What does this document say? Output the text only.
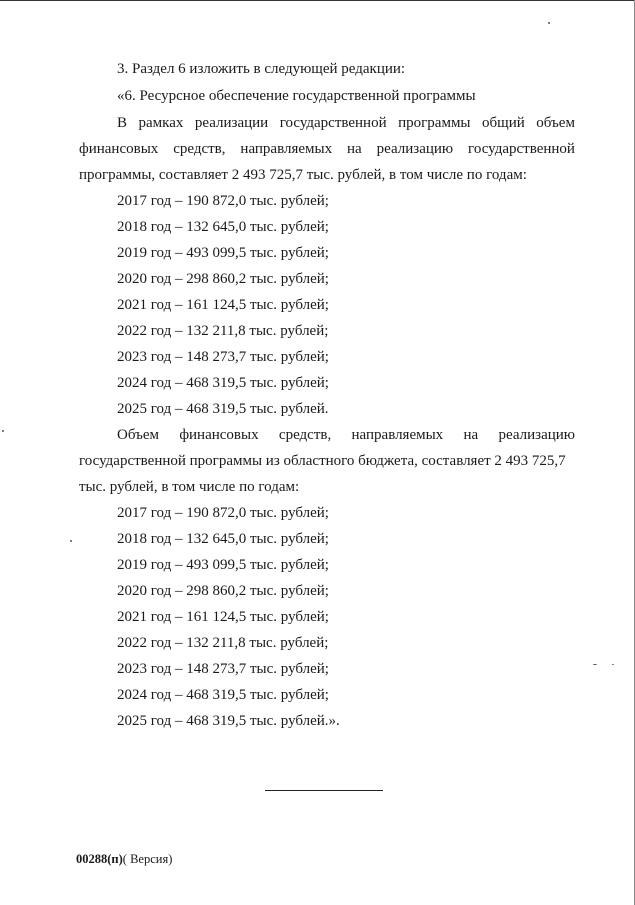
3. Раздел 6 изложить в следующей редакции:
«6. Ресурсное обеспечение государственной программы
В рамках реализации государственной программы общий объем
финансовых средств, направляемых на реализацию государственной
программы, составляет 2 493 725,7 тыс. рублей, в том числе по годам:
2017 год – 190 872,0 тыс. рублей;
2018 год – 132 645,0 тыс. рублей;
2019 год – 493 099,5 тыс. рублей;
2020 год – 298 860,2 тыс. рублей;
2021 год – 161 124,5 тыс. рублей;
2022 год – 132 211,8 тыс. рублей;
2023 год – 148 273,7 тыс. рублей;
2024 год – 468 319,5 тыс. рублей;
2025 год – 468 319,5 тыс. рублей.
Объем финансовых средств, направляемых на реализацию
государственной программы из областного бюджета, составляет 2 493 725,7
тыс. рублей, в том числе по годам:
2017 год – 190 872,0 тыс. рублей;
2018 год – 132 645,0 тыс. рублей;
2019 год – 493 099,5 тыс. рублей;
2020 год – 298 860,2 тыс. рублей;
2021 год – 161 124,5 тыс. рублей;
2022 год – 132 211,8 тыс. рублей;
2023 год – 148 273,7 тыс. рублей;
2024 год – 468 319,5 тыс. рублей;
2025 год – 468 319,5 тыс. рублей.».
00288(п)( Версия)
